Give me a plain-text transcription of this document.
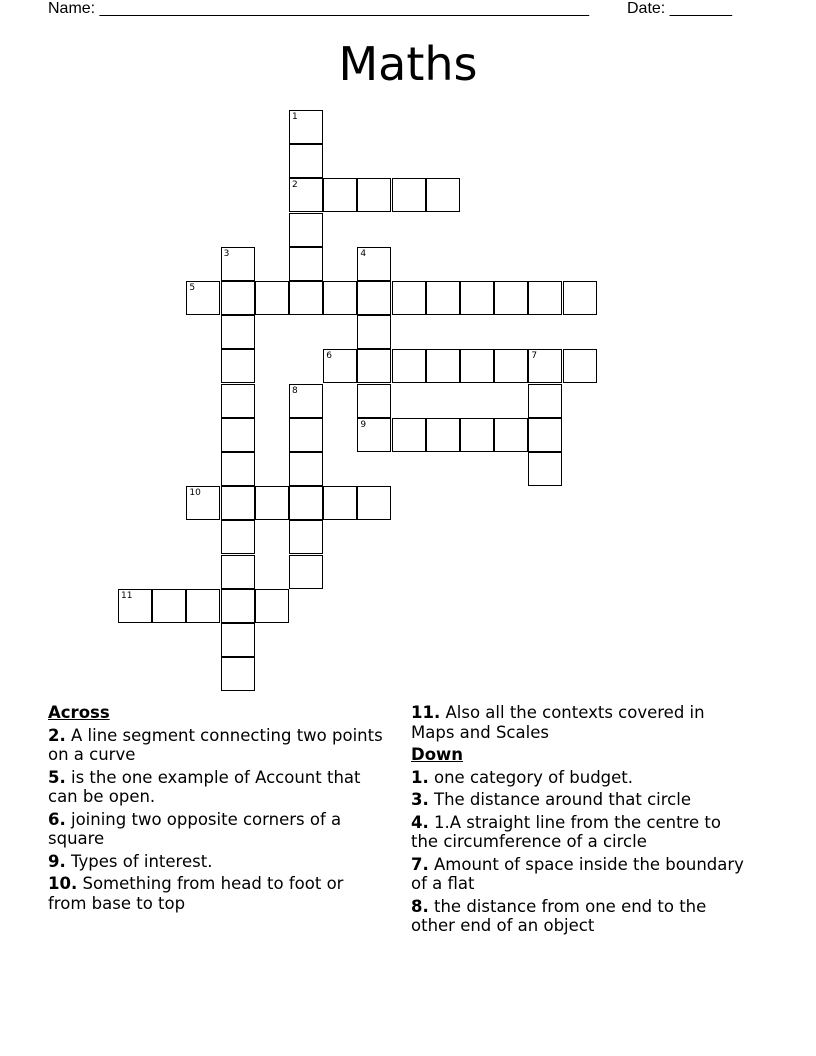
Name: _______________________________________________________ Date: _______
Maths
2
5
6	7
9
10
11
1
3	4
8
Across
2. A line segment connecting two points on a curve
5. is the one example of Account that can be open.
6. joining two opposite corners of a square
9. Types of interest.
10. Something from head to foot or from base to top
11. Also all the contexts covered in Maps and Scales
Down
1. one category of budget.
3. The distance around that circle
4. 1.A straight line from the centre to the circumference of a circle
7. Amount of space inside the boundary of a flat
8. the distance from one end to the other end of an object
